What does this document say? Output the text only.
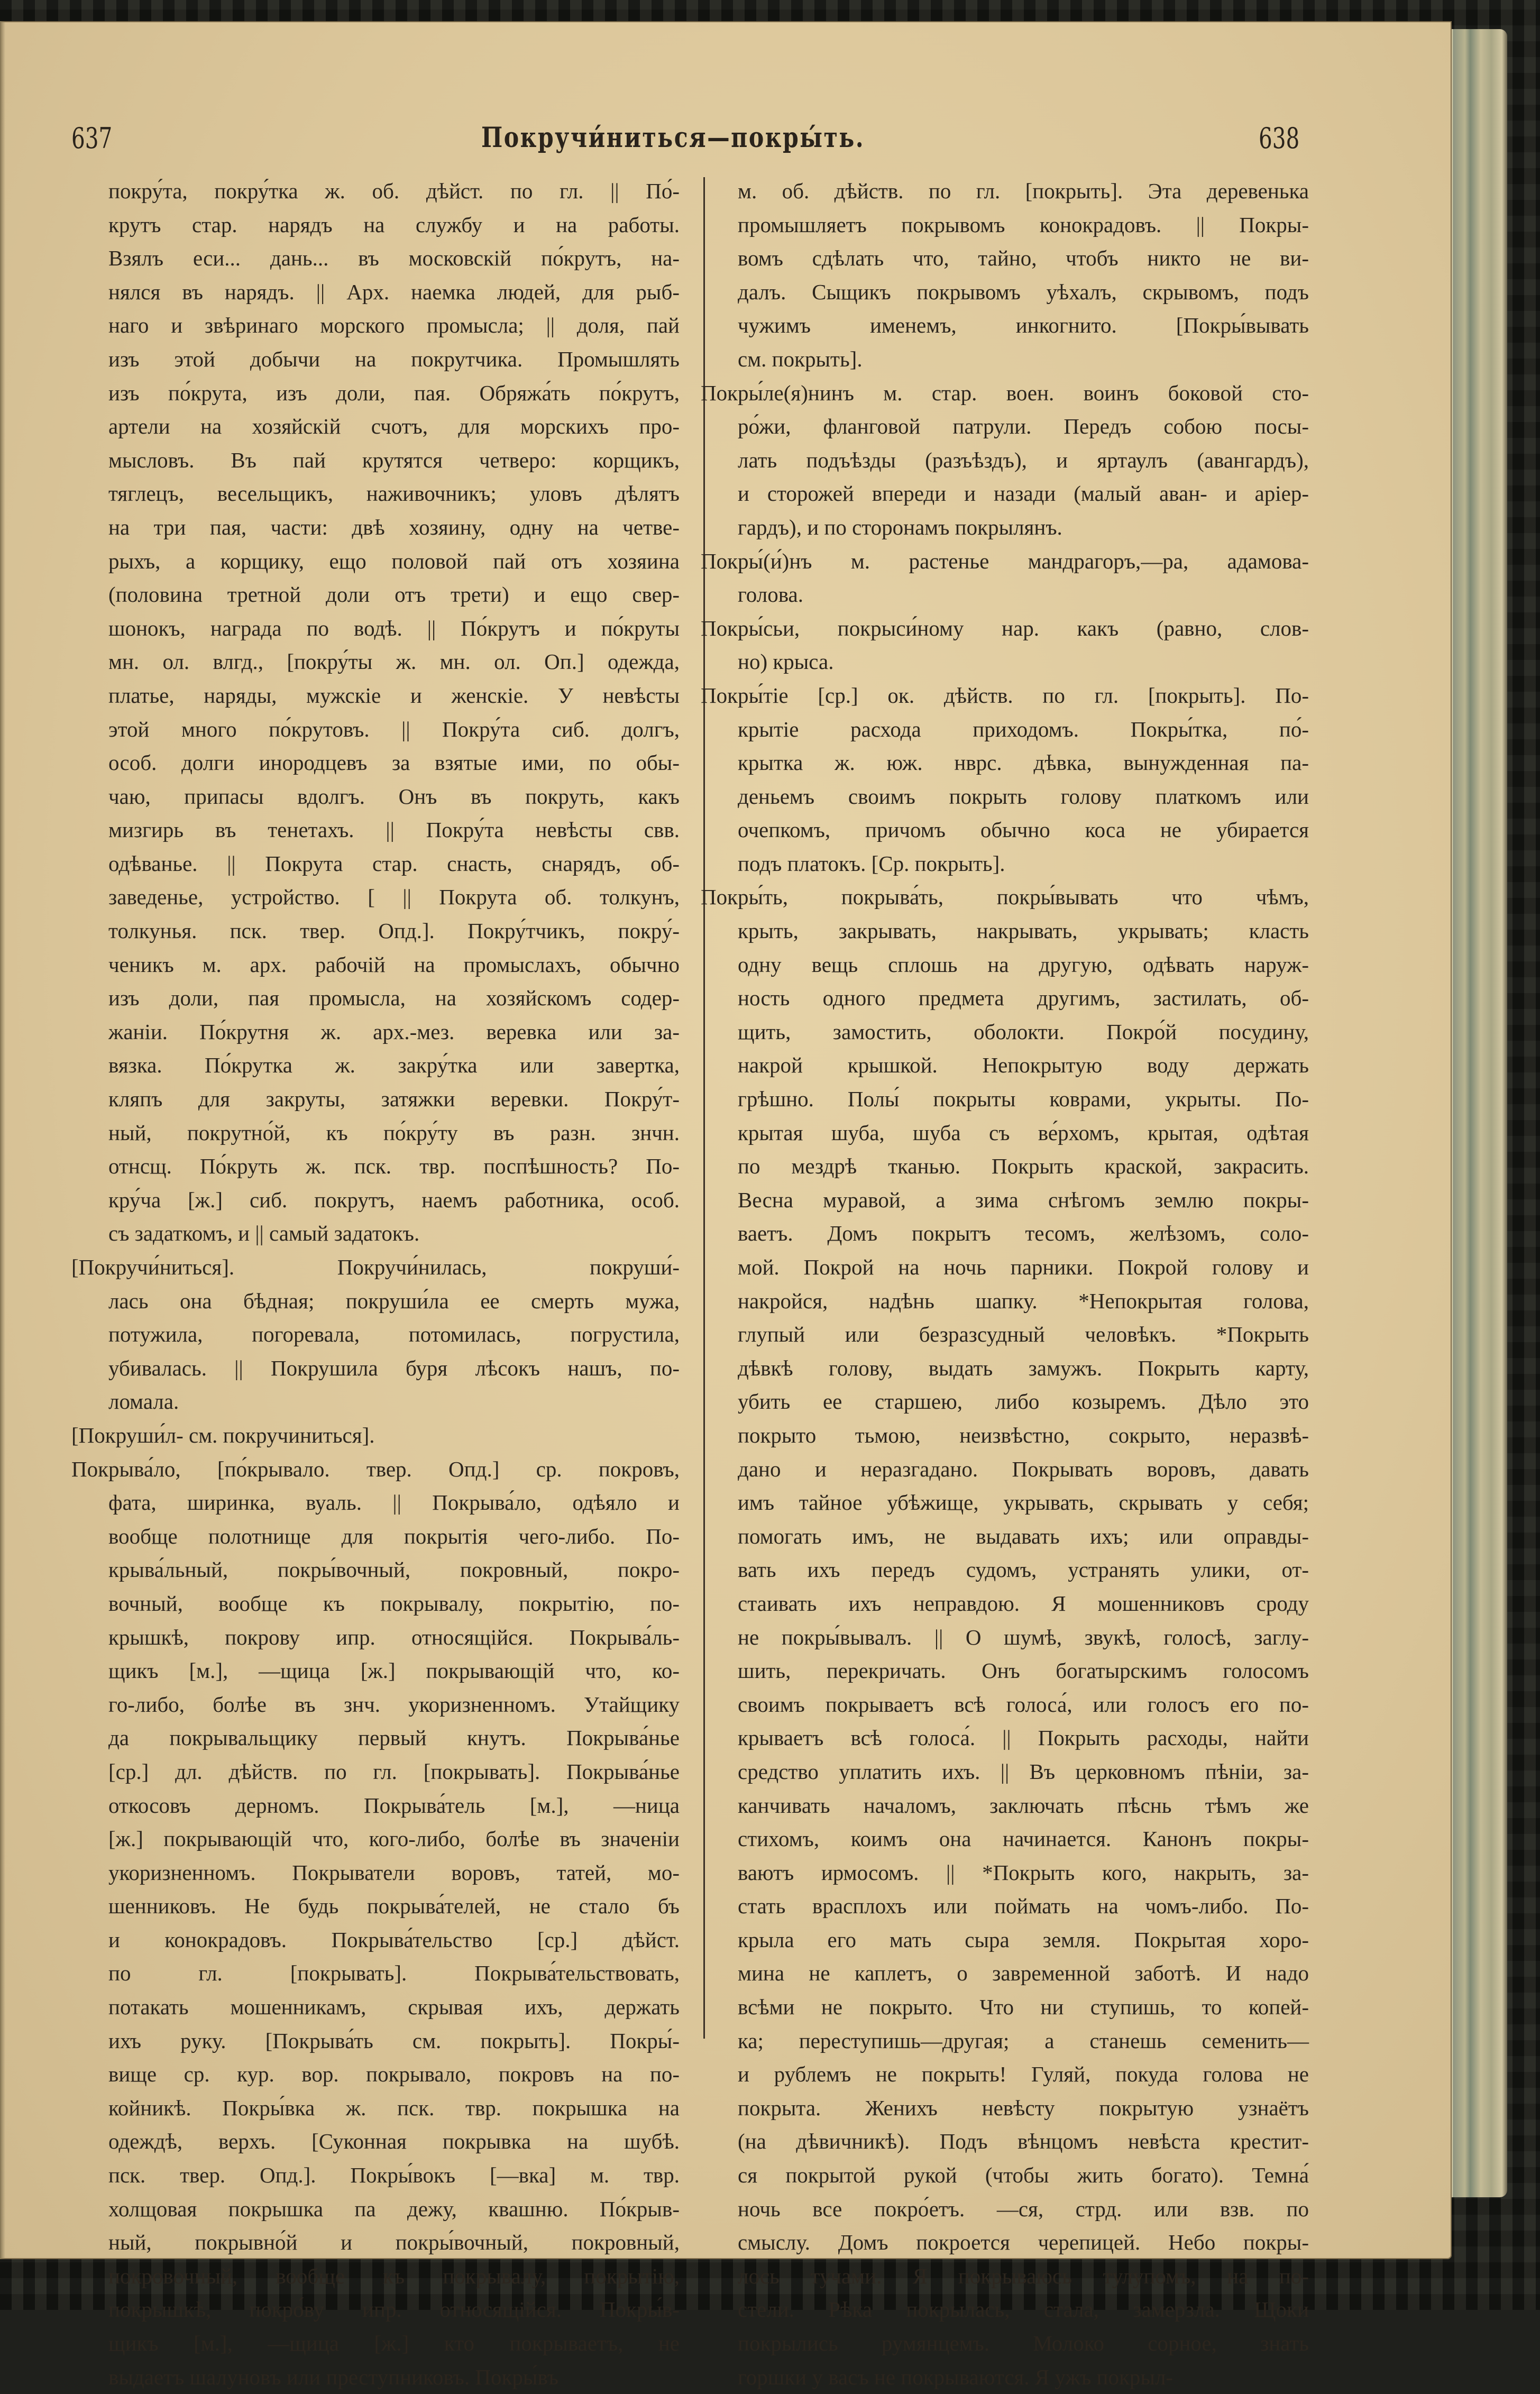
637	Покручи́ниться—покры́ть.	638
покру́та, покру́тка ж. об. дѣйст. по гл. || По́-
крутъ стар. нарядъ на службу и на работы.
Взялъ еси... дань... въ московскій по́крутъ, на-
нялся въ нарядъ. || Арх. наемка людей, для рыб-
наго и звѣринаго морского промысла; || доля, пай
изъ этой добычи на покрутчика. Промышлять
изъ по́крута, изъ доли, пая. Обряжа́ть по́крутъ,
артели на хозяйскій счотъ, для морскихъ про-
мысловъ. Въ пай крутятся четверо: корщикъ,
тяглецъ, весельщикъ, наживочникъ; уловъ дѣлятъ
на три пая, части: двѣ хозяину, одну на четве-
рыхъ, а корщику, ещо половой пай отъ хозяина
(половина третной доли отъ трети) и ещо свер-
шонокъ, награда по водѣ. || По́крутъ и по́круты
мн. ол. влгд., [покру́ты ж. мн. ол. Оп.] одежда,
платье, наряды, мужскіе и женскіе. У невѣсты
этой много по́крутовъ. || Покру́та сиб. долгъ,
особ. долги инородцевъ за взятые ими, по обы-
чаю, припасы вдолгъ. Онъ въ покруть, какъ
мизгирь въ тенетахъ. || Покру́та невѣсты свв.
одѣванье. || Покрута стар. снасть, снарядъ, об-
заведенье, устройство. [ || Покрута об. толкунъ,
толкунья. пск. твер. Опд.]. Покру́тчикъ, покру́-
ченикъ м. арх. рабочій на промыслахъ, обычно
изъ доли, пая промысла, на хозяйскомъ содер-
жаніи. По́крутня ж. арх.-мез. веревка или за-
вязка. По́крутка ж. закру́тка или завертка,
кляпъ для закруты, затяжки веревки. Покру́т-
ный, покрутно́й, къ по́кру́ту въ разн. знчн.
отнсщ. По́круть ж. пск. твр. поспѣшность? По-
кру́ча [ж.] сиб. покрутъ, наемъ работника, особ.
съ задаткомъ, и || самый задатокъ.
[Покручи́ниться]. Покручи́нилась, покруши́-
лась она бѣдная; покруши́ла ее смерть мужа,
потужила, погоревала, потомилась, погрустила,
убивалась. || Покрушила буря лѣсокъ нашъ, по-
ломала.
[Покруши́л- см. покручиниться].
Покрыва́ло, [по́крывало. твер. Опд.] ср. покровъ,
фата, ширинка, вуаль. || Покрыва́ло, одѣяло и
вообще полотнище для покрытія чего-либо. По-
крыва́льный, покры́вочный, покровный, покро-
вочный, вообще къ покрывалу, покрытію, по-
крышкѣ, покрову ипр. относящійся. Покрыва́ль-
щикъ [м.], —щица [ж.] покрывающій что, ко-
го-либо, болѣе въ знч. укоризненномъ. Утайщику
да покрывальщику первый кнутъ. Покрыва́нье
[ср.] дл. дѣйств. по гл. [покрывать]. Покрыва́нье
откосовъ дерномъ. Покрыва́тель [м.], —ница
[ж.] покрывающій что, кого-либо, болѣе въ значеніи
укоризненномъ. Покрыватели воровъ, татей, мо-
шенниковъ. Не будь покрыва́телей, не стало бъ
и конокрадовъ. Покрыва́тельство [ср.] дѣйст.
по гл. [покрывать]. Покрыва́тельствовать,
потакать мошенникамъ, скрывая ихъ, держать
ихъ руку. [Покрыва́ть см. покрыть]. Покры́-
вище ср. кур. вор. покрывало, покровъ на по-
койникѣ. Покры́вка ж. пск. твр. покрышка на
одеждѣ, верхъ. [Суконная покрывка на шубѣ.
пск. твер. Опд.]. Покры́вокъ [—вка] м. твр.
холщовая покрышка па дежу, квашню. По́крыв-
ный, покрывно́й и покры́вочный, покровный,
покровочный, вообще къ покрывалу, покрытію,
покрышкѣ, покро́ву ипр. относящійся. Покры́в-
щикъ [м.], —щица [ж.] кто покрываетъ, не
выдаетъ шалуновъ или преступниковъ. Покры́въ
м. об. дѣйств. по гл. [покрыть]. Эта деревенька
промышляетъ покрывомъ конокрадовъ. || Покры-
вомъ сдѣлать что, тайно, чтобъ никто не ви-
далъ. Сыщикъ покрывомъ уѣхалъ, скрывомъ, подъ
чужимъ именемъ, инкогнито. [Покры́вывать
см. покрыть].
Покры́ле(я)нинъ м. стар. воен. воинъ боковой сто-
ро́жи, фланговой патрули. Передъ собою посы-
лать подъѣзды (разъѣздъ), и яртаулъ (авангардъ),
и сторожей впереди и назади (малый аван- и аріер-
гардъ), и по сторонамъ покрылянъ.
Покры́(и́)нъ м. растенье мандрагоръ,—ра, адамова-
голова.
Покры́сьи, покрыси́ному нар. какъ (равно, слов-
но) крыса.
Покры́тіе [ср.] ок. дѣйств. по гл. [покрыть]. По-
крытіе расхода приходомъ. Покры́тка, по́-
крытка ж. юж. нврс. дѣвка, вынужденная па-
деньемъ своимъ покрыть голову платкомъ или
очепкомъ, причомъ обычно коса не убирается
подъ платокъ. [Ср. покрыть].
Покры́ть, покрыва́ть, покры́вывать что чѣмъ,
крыть, закрывать, накрывать, укрывать; класть
одну вещь сплошь на другую, одѣвать наруж-
ность одного предмета другимъ, застилать, об-
щить, замостить, оболокти. Покро́й посудину,
накрой крышкой. Непокрытую воду держать
грѣшно. Полы́ покрыты коврами, укрыты. По-
крытая шуба, шуба съ ве́рхомъ, крытая, одѣтая
по мездрѣ тканью. Покрыть краской, закрасить.
Весна муравой, а зима снѣгомъ землю покры-
ваетъ. Домъ покрытъ тесомъ, желѣзомъ, соло-
мой. Покрой на ночь парники. Покрой голову и
накройся, надѣнь шапку. *Непокрытая голова,
глупый или безразсудный человѣкъ. *Покрыть
дѣвкѣ голову, выдать замужъ. Покрыть карту,
убить ее старшею, либо козыремъ. Дѣло это
покрыто тьмою, неизвѣстно, сокрыто, неразвѣ-
дано и неразгадано. Покрывать воровъ, давать
имъ тайное убѣжище, укрывать, скрывать у себя;
помогать имъ, не выдавать ихъ; или оправды-
вать ихъ передъ судомъ, устранять улики, от-
стаивать ихъ неправдою. Я мошенниковъ сроду
не покры́вывалъ. || О шумѣ, звукѣ, голосѣ, заглу-
шить, перекричать. Онъ богатырскимъ голосомъ
своимъ покрываетъ всѣ голоса́, или голосъ его по-
крываетъ всѣ голоса́. || Покрыть расходы, найти
средство уплатить ихъ. || Въ церковномъ пѣніи, за-
канчивать началомъ, заключать пѣснь тѣмъ же
стихомъ, коимъ она начинается. Канонъ покры-
ваютъ ирмосомъ. || *Покрыть кого, накрыть, за-
стать врасплохъ или поймать на чомъ-либо. По-
крыла его мать сыра земля. Покрытая хоро-
мина не каплетъ, о завременной заботѣ. И надо
всѣми не покрыто. Что ни ступишь, то копей-
ка; переступишь—другая; а станешь семенить—
и рублемъ не покрыть! Гуляй, покуда голова не
покрыта. Женихъ невѣсту покрытую узнаётъ
(на дѣвичникѣ). Подъ вѣнцомъ невѣста крестит-
ся покрытой рукой (чтобы жить богато). Темна́
ночь все покро́етъ. —ся, стрд. или взв. по
смыслу. Домъ покроется черепицей. Небо покры-
лось тучами. Я покрываюсь тулупомъ, на по-
стели. Рѣка покрылась, стала, замерзла. Щоки
покрылись румянцемъ. Молоко сорное, знать
горшки у васъ не покрываются. Я ужъ покрыл-
